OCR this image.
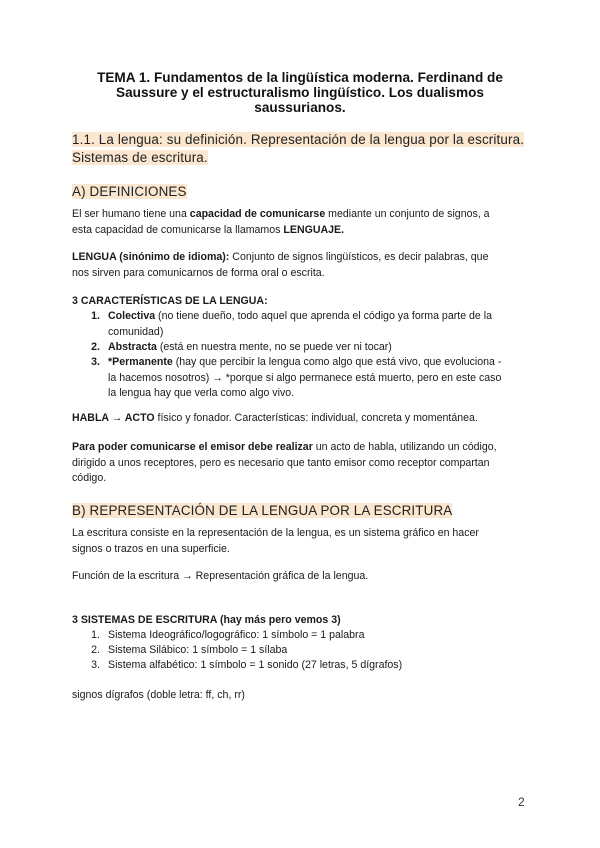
TEMA 1. Fundamentos de la lingüística moderna. Ferdinand de
Saussure y el estructuralismo lingüístico. Los dualismos
saussurianos.
1.1. La lengua: su definición. Representación de la lengua por la escritura.
Sistemas de escritura.
A) DEFINICIONES
El ser humano tiene una capacidad de comunicarse mediante un conjunto de signos, a
esta capacidad de comunicarse la llamamos LENGUAJE.
LENGUA (sinónimo de idioma): Conjunto de signos lingüísticos, es decir palabras, que
nos sirven para comunicarnos de forma oral o escrita.
3 CARACTERÍSTICAS DE LA LENGUA:
1. Colectiva (no tiene dueño, todo aquel que aprenda el código ya forma parte de la
comunidad)
2. Abstracta (está en nuestra mente, no se puede ver ni tocar)
3. *Permanente (hay que percibir la lengua como algo que está vivo, que evoluciona -
la hacemos nosotros) → *porque si algo permanece está muerto, pero en este caso
la lengua hay que verla como algo vivo.
HABLA → ACTO físico y fonador. Características: individual, concreta y momentánea.
Para poder comunicarse el emisor debe realizar un acto de habla, utilizando un código,
dirigido a unos receptores, pero es necesario que tanto emisor como receptor compartan
código.
B) REPRESENTACIÓN DE LA LENGUA POR LA ESCRITURA
La escritura consiste en la representación de la lengua, es un sistema gráfico en hacer
signos o trazos en una superficie.
Función de la escritura → Representación gráfica de la lengua.
3 SISTEMAS DE ESCRITURA (hay más pero vemos 3)
1. Sistema Ideográfico/logográfico: 1 símbolo = 1 palabra
2. Sistema Silábico: 1 símbolo = 1 sílaba
3. Sistema alfabético: 1 símbolo = 1 sonido (27 letras, 5 dígrafos)
signos dígrafos (doble letra: ff, ch, rr)
2
